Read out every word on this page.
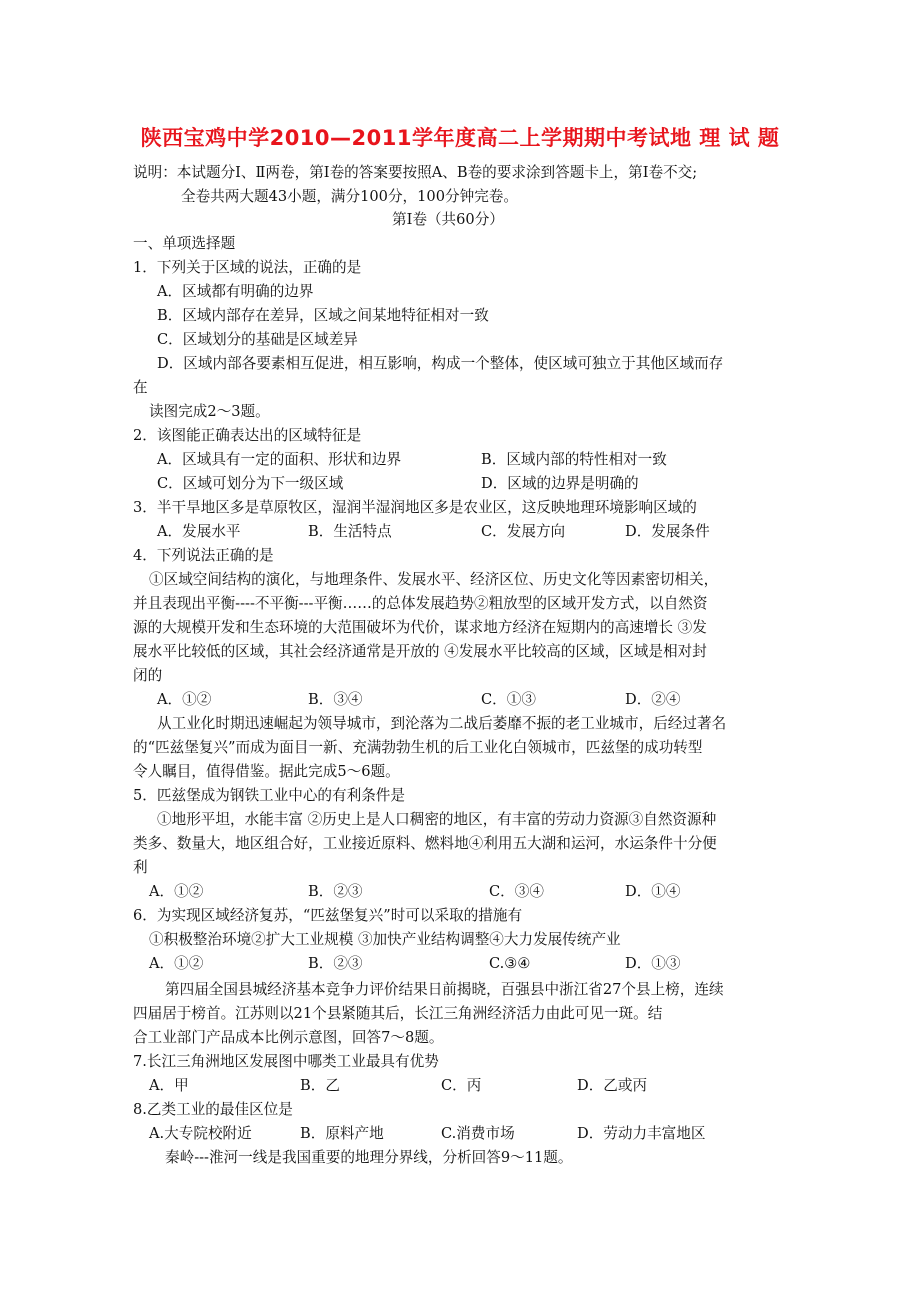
陕西宝鸡中学2010—2011学年度高二上学期期中考试地 理 试 题
说明：本试题分Ⅰ、Ⅱ两卷，第Ⅰ卷的答案要按照A、B卷的要求涂到答题卡上，第Ⅰ卷不交;
全卷共两大题43小题，满分100分，100分钟完卷。
第Ⅰ卷（共60分）
一、单项选择题
1．下列关于区域的说法，正确的是
A．区域都有明确的边界
B．区域内部存在差异，区域之间某地特征相对一致
C．区域划分的基础是区域差异
D．区域内部各要素相互促进，相互影响，构成一个整体，使区域可独立于其他区域而存
在
读图完成2～3题。
2．该图能正确表达出的区域特征是
A．区域具有一定的面积、形状和边界	B．区域内部的特性相对一致
C．区域可划分为下一级区域	D．区域的边界是明确的
3．半干旱地区多是草原牧区，湿润半湿润地区多是农业区，这反映地理环境影响区域的
A．发展水平	B．生活特点	C．发展方向	D．发展条件
4．下列说法正确的是
①区域空间结构的演化，与地理条件、发展水平、经济区位、历史文化等因素密切相关，
并且表现出平衡----不平衡---平衡……的总体发展趋势②粗放型的区域开发方式，以自然资
源的大规模开发和生态环境的大范围破坏为代价，谋求地方经济在短期内的高速增长 ③发
展水平比较低的区域，其社会经济通常是开放的 ④发展水平比较高的区域，区域是相对封
闭的
A．①②	B．③④	C．①③	D．②④
从工业化时期迅速崛起为领导城市，到沦落为二战后萎靡不振的老工业城市，后经过著名
的“匹兹堡复兴”而成为面目一新、充满勃勃生机的后工业化白领城市，匹兹堡的成功转型
令人瞩目，值得借鉴。据此完成5～6题。
5．匹兹堡成为钢铁工业中心的有利条件是
①地形平坦，水能丰富 ②历史上是人口稠密的地区，有丰富的劳动力资源③自然资源种
类多、数量大，地区组合好，工业接近原料、燃料地④利用五大湖和运河，水运条件十分便
利
A．①②	B．②③	C．③④	D．①④
6．为实现区域经济复苏，“匹兹堡复兴”时可以采取的措施有
①积极整治环境②扩大工业规模 ③加快产业结构调整④大力发展传统产业
A．①②	B．②③	C.③④	D．①③
第四届全国县城经济基本竞争力评价结果日前揭晓，百强县中浙江省27个县上榜，连续
四届居于榜首。江苏则以21个县紧随其后，长江三角洲经济活力由此可见一斑。结
合工业部门产品成本比例示意图，回答7～8题。
7.长江三角洲地区发展图中哪类工业最具有优势
A．甲	B．乙	C．丙	D．乙或丙
8.乙类工业的最佳区位是
A.大专院校附近	B．原料产地	C.消费市场	D．劳动力丰富地区
秦岭---淮河一线是我国重要的地理分界线，分析回答9～11题。
